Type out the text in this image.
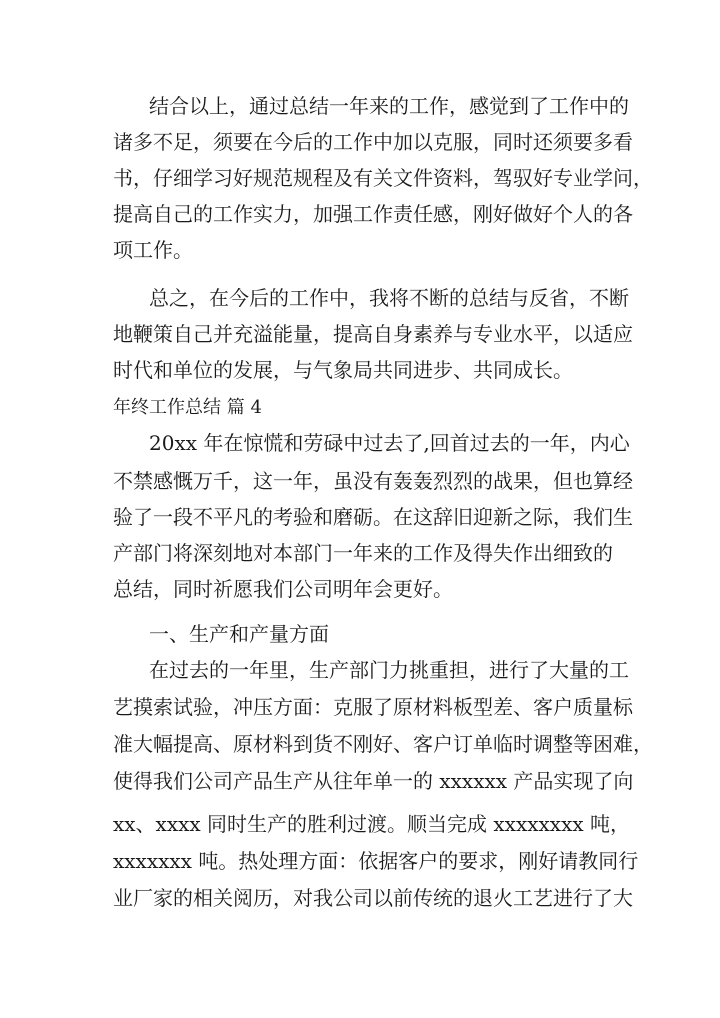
结合以上，通过总结一年来的工作，感觉到了工作中的
诸多不足，须要在今后的工作中加以克服，同时还须要多看
书，仔细学习好规范规程及有关文件资料，驾驭好专业学问，
提高自己的工作实力，加强工作责任感，刚好做好个人的各
项工作。
总之，在今后的工作中，我将不断的总结与反省，不断
地鞭策自己并充溢能量，提高自身素养与专业水平，以适应
时代和单位的发展，与气象局共同进步、共同成长。
年终工作总结 篇 4
20xx 年在惊慌和劳碌中过去了,回首过去的一年，内心
不禁感慨万千，这一年，虽没有轰轰烈烈的战果，但也算经
验了一段不平凡的考验和磨砺。在这辞旧迎新之际，我们生
产部门将深刻地对本部门一年来的工作及得失作出细致的
总结，同时祈愿我们公司明年会更好。
一、生产和产量方面
在过去的一年里，生产部门力挑重担，进行了大量的工
艺摸索试验，冲压方面：克服了原材料板型差、客户质量标
准大幅提高、原材料到货不刚好、客户订单临时调整等困难，
使得我们公司产品生产从往年单一的 xxxxxx 产品实现了向
xx、xxxx 同时生产的胜利过渡。顺当完成 xxxxxxxx 吨，
xxxxxxx 吨。热处理方面：依据客户的要求，刚好请教同行
业厂家的相关阅历，对我公司以前传统的退火工艺进行了大
